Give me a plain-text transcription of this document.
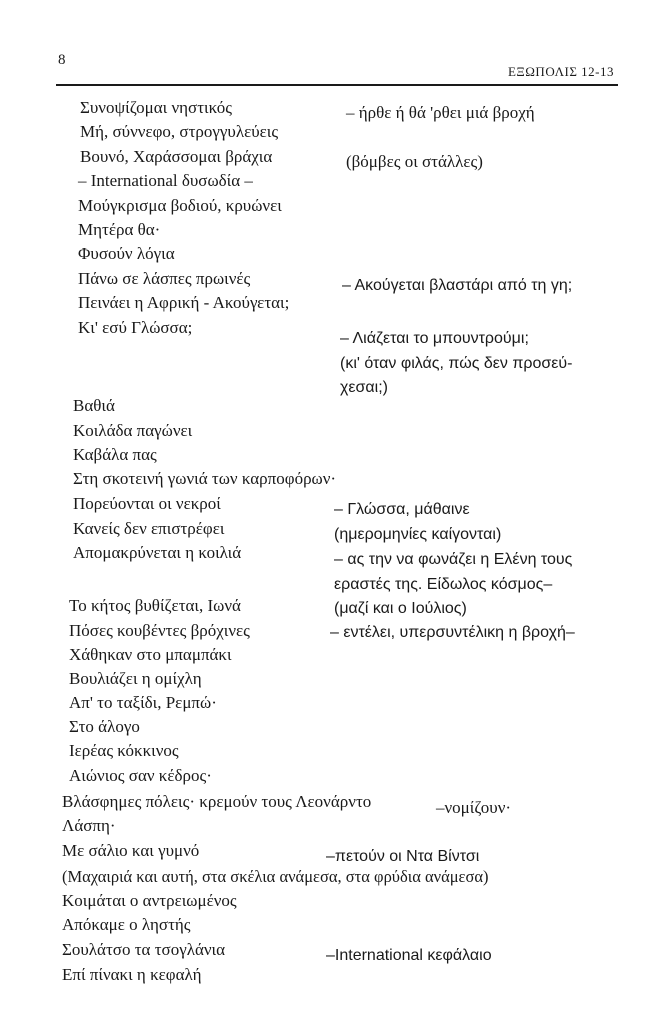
8
ΕΞΩΠΟΛΙΣ 12-13
Συνοψίζομαι νηστικός
Μή, σύννεφο, στρογγυλεύεις
Βουνό, Χαράσσομαι βράχια
– International δυσωδία –
Μούγκρισμα βοδιού, κρυώνει
Μητέρα θα·
Φυσούν λόγια
Πάνω σε λάσπες πρωινές
Πεινάει η Αφρική - Ακούγεται;
Κι' εσύ Γλώσσα;
Βαθιά
Κοιλάδα παγώνει
Καβάλα πας
Στη σκοτεινή γωνιά των καρποφόρων·
Πορεύονται οι νεκροί
Κανείς δεν επιστρέφει
Απομακρύνεται η κοιλιά
Το κήτος βυθίζεται, Ιωνά
Πόσες κουβέντες βρόχινες
Χάθηκαν στο μπαμπάκι
Βουλιάζει η ομίχλη
Απ' το ταξίδι, Ρεμπώ·
Στο άλογο
Ιερέας κόκκινος
Αιώνιος σαν κέδρος·
Βλάσφημες πόλεις· κρεμούν τους Λεονάρντο
Λάσπη·
Με σάλιο και γυμνό
(Μαχαιριά και αυτή, στα σκέλια ανάμεσα, στα φρύδια ανάμεσα)
Κοιμάται ο αντρειωμένος
Απόκαμε ο ληστής
Σουλάτσο τα τσογλάνια
Επί πίνακι η κεφαλή
– ήρθε ή θά 'ρθει μιά βροχή
(βόμβες οι στάλλες)
– Ακούγεται βλαστάρι από τη γη;
– Λιάζεται το μπουντρούμι;
(κι' όταν φιλάς, πώς δεν προσεύ-
χεσαι;)
– Γλώσσα, μάθαινε
(ημερομηνίες καίγονται)
– ας την να φωνάζει η Ελένη τους
εραστές της. Είδωλος κόσμος–
(μαζί και ο Ιούλιος)
– εντέλει, υπερσυντέλικη η βροχή–
–νομίζουν·
–πετούν οι Ντα Βίντσι
–International κεφάλαιο
